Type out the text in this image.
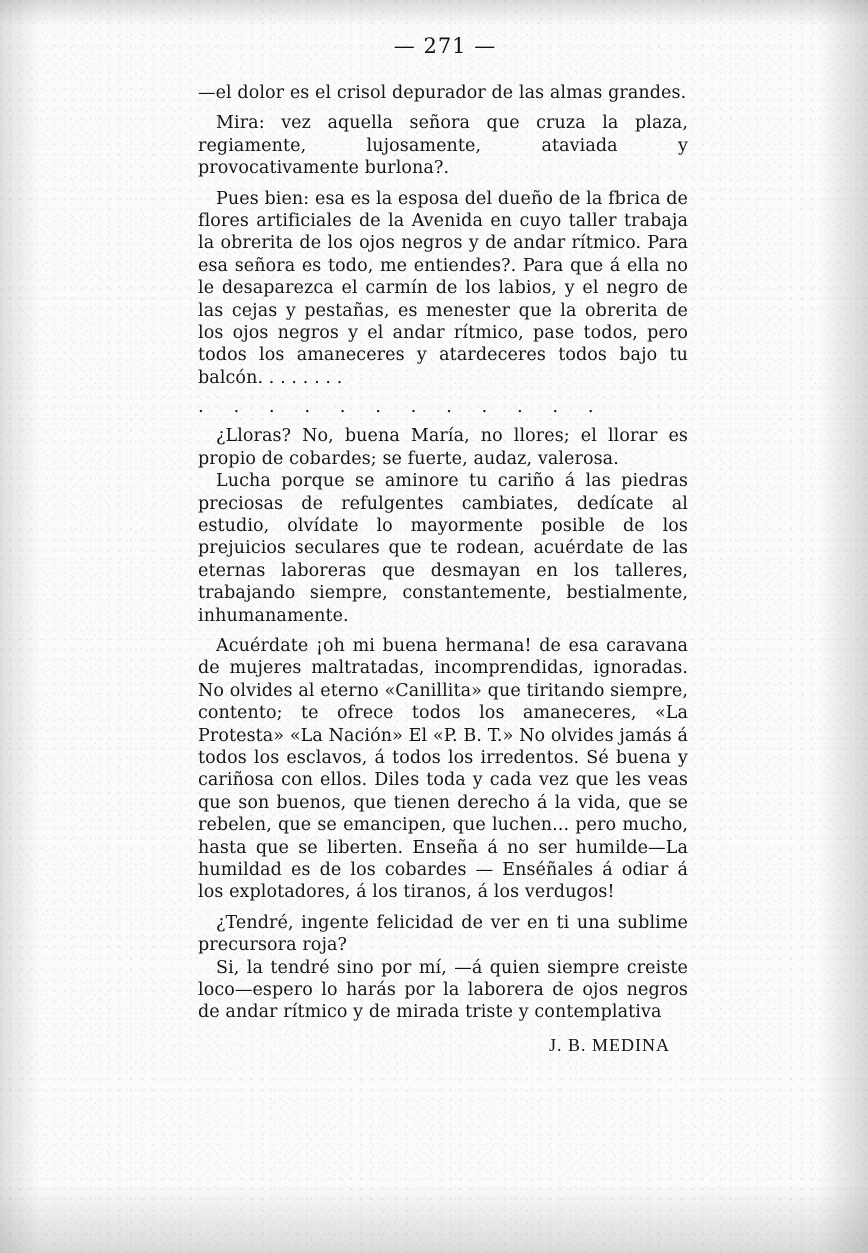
— 271 —

—el dolor es el crisol depurador de las almas grandes.

Mira: vez aquella señora que cruza la plaza, regiamente, lujosamente, ataviada y provocativamente burlona?.

Pues bien: esa es la esposa del dueño de la fbrica de flores artificiales de la Avenida en cuyo taller trabaja la obrerita de los ojos negros y de andar rítmico. Para esa señora es todo, me entiendes?. Para que á ella no le desaparezca el carmín de los labios, y el negro de las cejas y pestañas, es menester que la obrerita de los ojos negros y el andar rítmico, pase todos, pero todos los amaneceres y atardeceres todos bajo tu balcón. . . . . . . .

. . . . . . . . . . . .

¿Lloras? No, buena María, no llores; el llorar es propio de cobardes; se fuerte, audaz, valerosa.

Lucha porque se aminore tu cariño á las piedras preciosas de refulgentes cambiates, dedícate al estudio, olvídate lo mayormente posible de los prejuicios seculares que te rodean, acuérdate de las eternas laboreras que desmayan en los talleres, trabajando siempre, constantemente, bestialmente, inhumanamente.

Acuérdate ¡oh mi buena hermana! de esa caravana de mujeres maltratadas, incomprendidas, ignoradas. No olvides al eterno «Canillita» que tiritando siempre, contento; te ofrece todos los amaneceres, «La Protesta» «La Nación» El «P. B. T.» No olvides jamás á todos los esclavos, á todos los irredentos. Sé buena y cariñosa con ellos. Diles toda y cada vez que les veas que son buenos, que tienen derecho á la vida, que se rebelen, que se emancipen, que luchen... pero mucho, hasta que se liberten. Enseña á no ser humilde—La humildad es de los cobardes — Enséñales á odiar á los explotadores, á los tiranos, á los verdugos!

¿Tendré, ingente felicidad de ver en ti una sublime precursora roja?

Si, la tendré sino por mí, —á quien siempre creiste loco—espero lo harás por la laborera de ojos negros de andar rítmico y de mirada triste y contemplativa

J. B. MEDINA
